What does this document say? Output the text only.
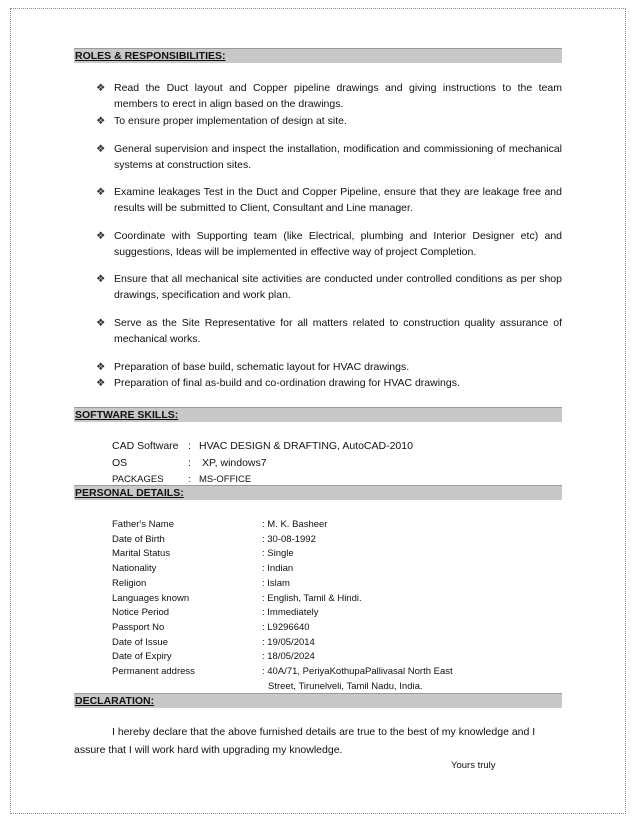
ROLES & RESPONSIBILITIES:
❖ Read the Duct layout and Copper pipeline drawings and giving instructions to the team members to erect in align based on the drawings.
❖ To ensure proper implementation of design at site.
❖ General supervision and inspect the installation, modification and commissioning of mechanical systems at construction sites.
❖ Examine leakages Test in the Duct and Copper Pipeline, ensure that they are leakage free and results will be submitted to Client, Consultant and Line manager.
❖ Coordinate with Supporting team (like Electrical, plumbing and Interior Designer etc) and suggestions, Ideas will be implemented in effective way of project Completion.
❖ Ensure that all mechanical site activities are conducted under controlled conditions as per shop drawings, specification and work plan.
❖ Serve as the Site Representative for all matters related to construction quality assurance of mechanical works.
❖ Preparation of base build, schematic layout for HVAC drawings.
❖ Preparation of final as-build and co-ordination drawing for HVAC drawings.
SOFTWARE SKILLS:
CAD Software : HVAC DESIGN & DRAFTING, AutoCAD-2010
OS	: XP, windows7
PACKAGES	: MS-OFFICE
PERSONAL DETAILS:
Father's Name	: M. K. Basheer
Date of Birth	: 30-08-1992
Marital Status	: Single
Nationality	: Indian
Religion	: Islam
Languages known	: English, Tamil & Hindi.
Notice Period	: Immediately
Passport No	: L9296640
Date of Issue	: 19/05/2014
Date of Expiry	: 18/05/2024
Permanent address	: 40A/71, PeriyaKothupaPallivasal North East
Street, Tirunelveli, Tamil Nadu, India.
DECLARATION:
I hereby declare that the above furnished details are true to the best of my knowledge and I
assure that I will work hard with upgrading my knowledge.
Yours truly
